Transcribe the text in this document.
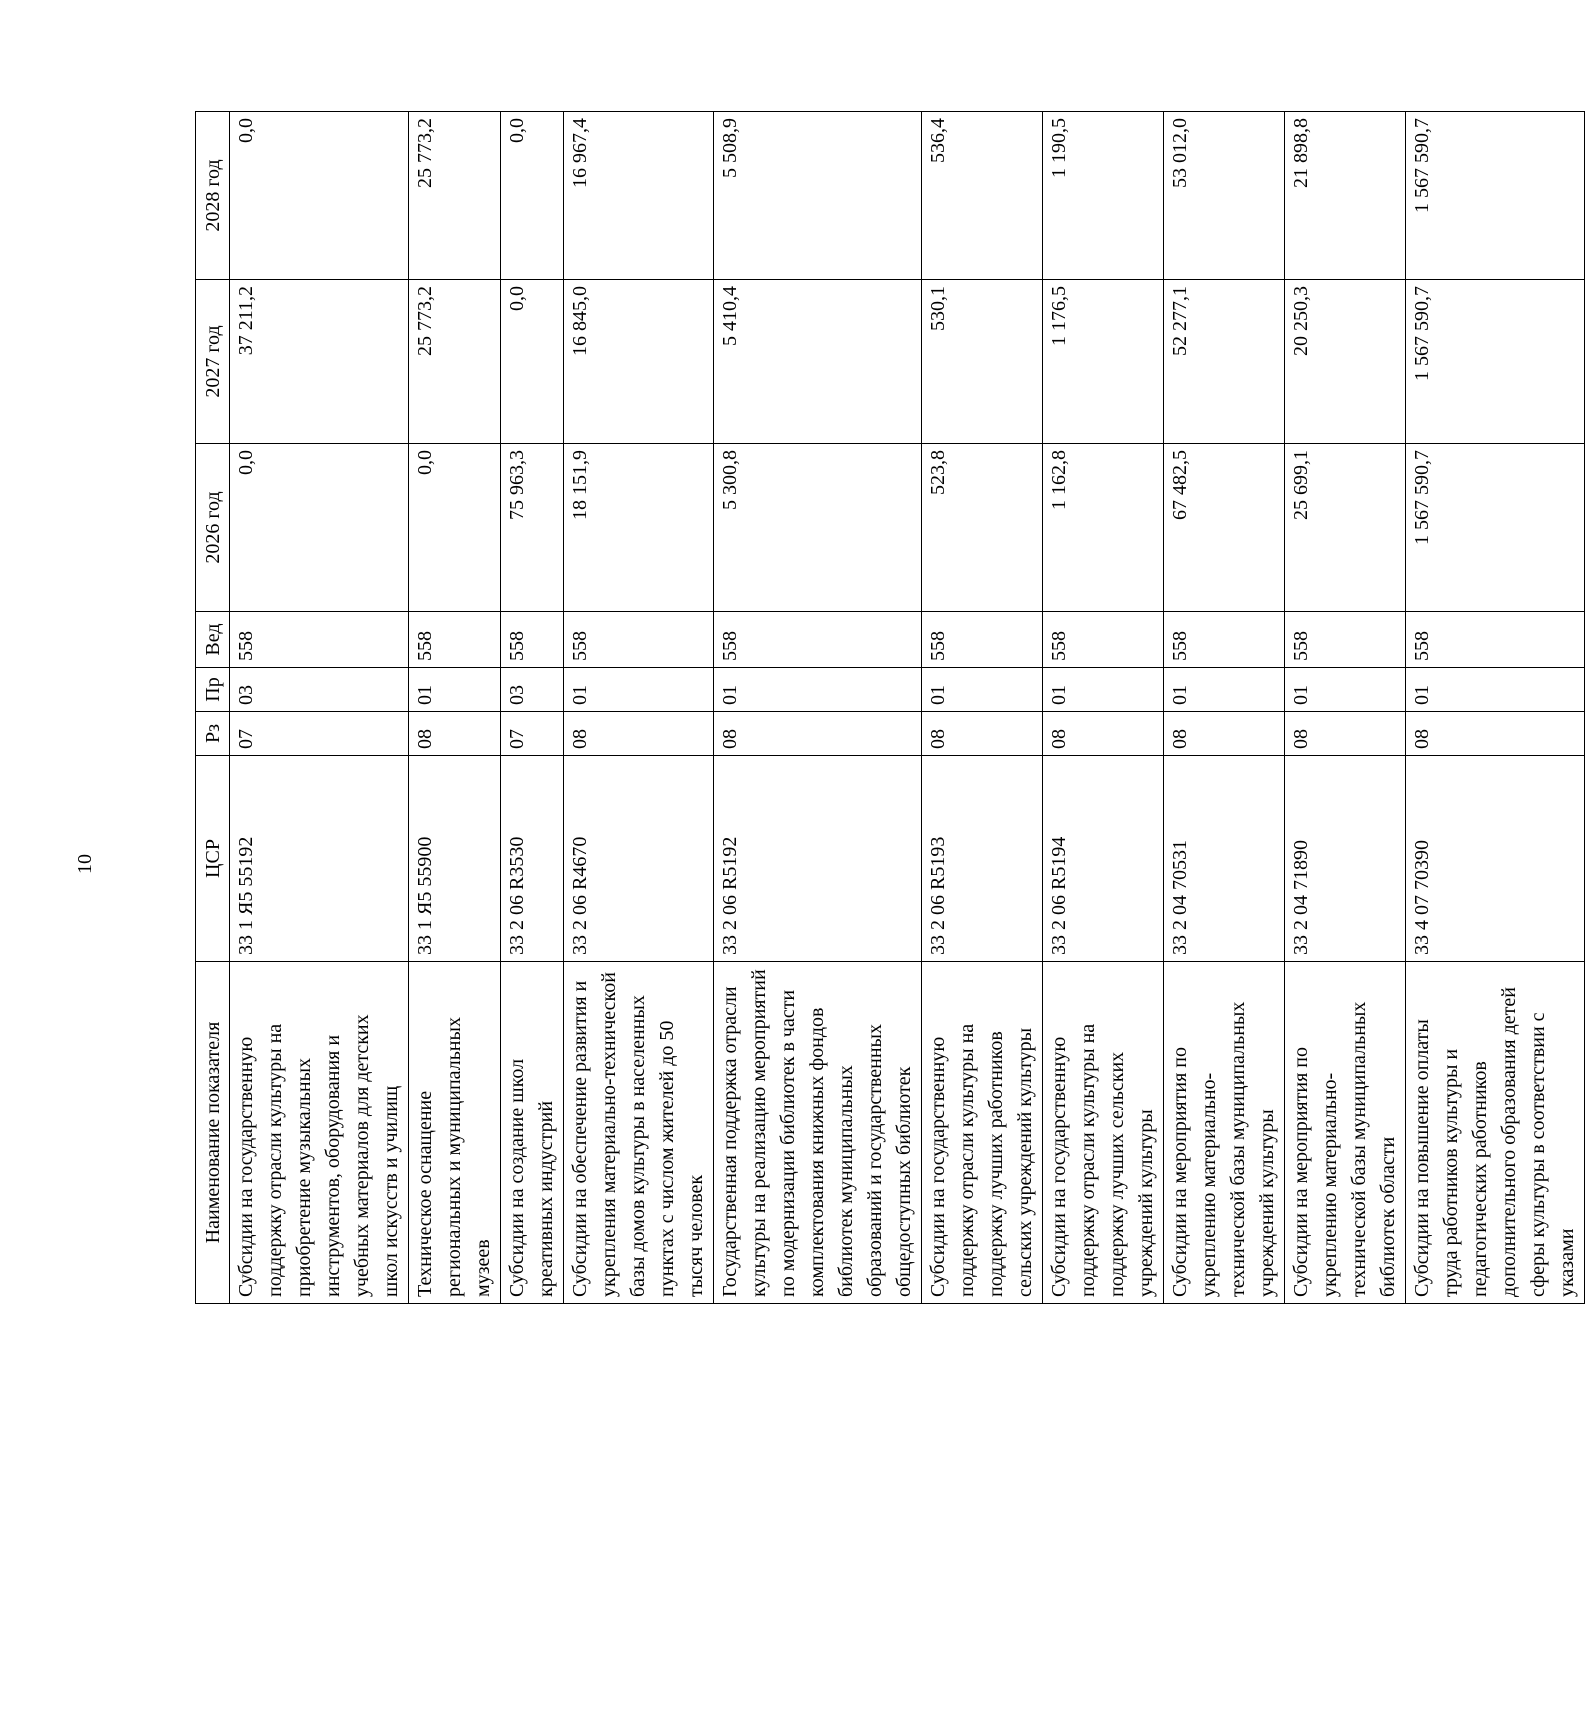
10
Наименование показателя	ЦСР	Рз	Пр	Вед	2026 год	2027 год	2028 год
Субсидии на государственную поддержку отрасли культуры на приобретение музыкальных инструментов, оборудования и учебных материалов для детских школ искусств и училищ	33 1 Я5 55192	07	03	558	0,0	37 211,2	0,0
Техническое оснащение региональных и муниципальных музеев	33 1 Я5 55900	08	01	558	0,0	25 773,2	25 773,2
Субсидии на создание школ креативных индустрий	33 2 06 R3530	07	03	558	75 963,3	0,0	0,0
Субсидии на обеспечение развития и укрепления материально-технической базы домов культуры в населенных пунктах с числом жителей до 50 тысяч человек	33 2 06 R4670	08	01	558	18 151,9	16 845,0	16 967,4
Государственная поддержка отрасли культуры на реализацию мероприятий по модернизации библиотек в части комплектования книжных фондов библиотек муниципальных образований и государственных общедоступных библиотек	33 2 06 R5192	08	01	558	5 300,8	5 410,4	5 508,9
Субсидии на государственную поддержку отрасли культуры на поддержку лучших работников сельских учреждений культуры	33 2 06 R5193	08	01	558	523,8	530,1	536,4
Субсидии на государственную поддержку отрасли культуры на поддержку лучших сельских учреждений культуры	33 2 06 R5194	08	01	558	1 162,8	1 176,5	1 190,5
Субсидии на мероприятия по укреплению материально-технической базы муниципальных учреждений культуры	33 2 04 70531	08	01	558	67 482,5	52 277,1	53 012,0
Субсидии на мероприятия по укреплению материально-технической базы муниципальных библиотек области	33 2 04 71890	08	01	558	25 699,1	20 250,3	21 898,8
Субсидии на повышение оплаты труда работников культуры и педагогических работников дополнительного образования детей сферы культуры в соответствии с указами	33 4 07 70390	08	01	558	1 567 590,7	1 567 590,7	1 567 590,7
